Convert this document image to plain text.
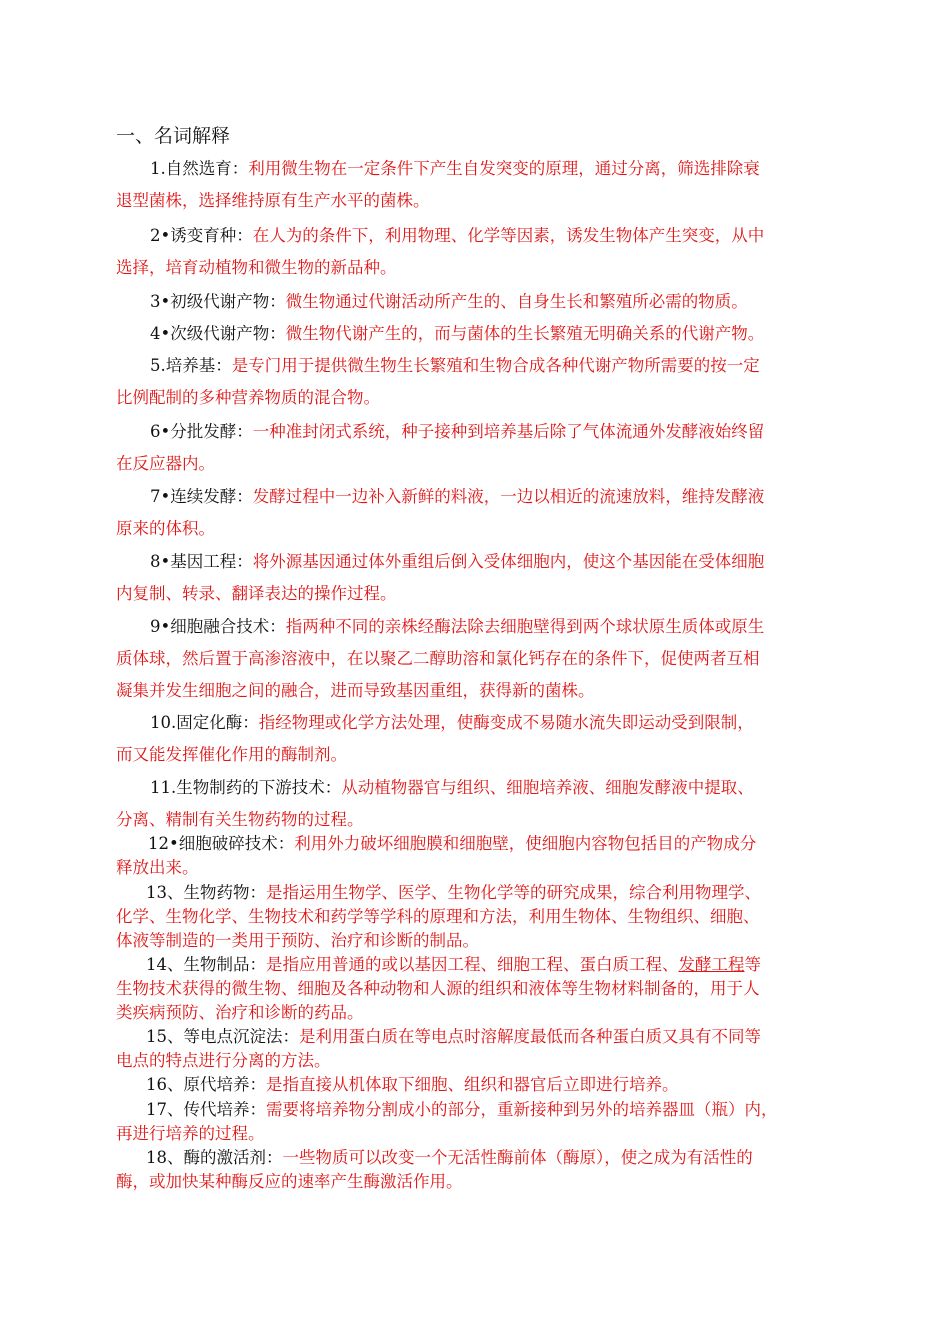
一、名词解释
1.自然选育：利用微生物在一定条件下产生自发突变的原理，通过分离，筛选排除衰
退型菌株，选择维持原有生产水平的菌株。
2•诱变育种：在人为的条件下，利用物理、化学等因素，诱发生物体产生突变，从中
选择，培育动植物和微生物的新品种。
3•初级代谢产物：微生物通过代谢活动所产生的、自身生长和繁殖所必需的物质。
4•次级代谢产物：微生物代谢产生的，而与菌体的生长繁殖无明确关系的代谢产物。
5.培养基：是专门用于提供微生物生长繁殖和生物合成各种代谢产物所需要的按一定
比例配制的多种营养物质的混合物。
6•分批发酵：一种准封闭式系统，种子接种到培养基后除了气体流通外发酵液始终留
在反应器内。
7•连续发酵：发酵过程中一边补入新鲜的料液，一边以相近的流速放料，维持发酵液
原来的体积。
8•基因工程：将外源基因通过体外重组后倒入受体细胞内，使这个基因能在受体细胞
内复制、转录、翻译表达的操作过程。
9•细胞融合技术：指两种不同的亲株经酶法除去细胞壁得到两个球状原生质体或原生
质体球，然后置于高渗溶液中，在以聚乙二醇助溶和氯化钙存在的条件下，促使两者互相
凝集并发生细胞之间的融合，进而导致基因重组，获得新的菌株。
10.固定化酶：指经物理或化学方法处理，使酶变成不易随水流失即运动受到限制，
而又能发挥催化作用的酶制剂。
11.生物制药的下游技术：从动植物器官与组织、细胞培养液、细胞发酵液中提取、
分离、精制有关生物药物的过程。
12•细胞破碎技术：利用外力破坏细胞膜和细胞壁，使细胞内容物包括目的产物成分
释放出来。
13、生物药物：是指运用生物学、医学、生物化学等的研究成果，综合利用物理学、
化学、生物化学、生物技术和药学等学科的原理和方法，利用生物体、生物组织、细胞、
体液等制造的一类用于预防、治疗和诊断的制品。
14、生物制品：是指应用普通的或以基因工程、细胞工程、蛋白质工程、发酵工程等
生物技术获得的微生物、细胞及各种动物和人源的组织和液体等生物材料制备的，用于人
类疾病预防、治疗和诊断的药品。
15、等电点沉淀法：是利用蛋白质在等电点时溶解度最低而各种蛋白质又具有不同等
电点的特点进行分离的方法。
16、原代培养：是指直接从机体取下细胞、组织和器官后立即进行培养。
17、传代培养：需要将培养物分割成小的部分，重新接种到另外的培养器皿（瓶）内，
再进行培养的过程。
18、酶的激活剂：一些物质可以改变一个无活性酶前体（酶原），使之成为有活性的
酶，或加快某种酶反应的速率产生酶激活作用。
